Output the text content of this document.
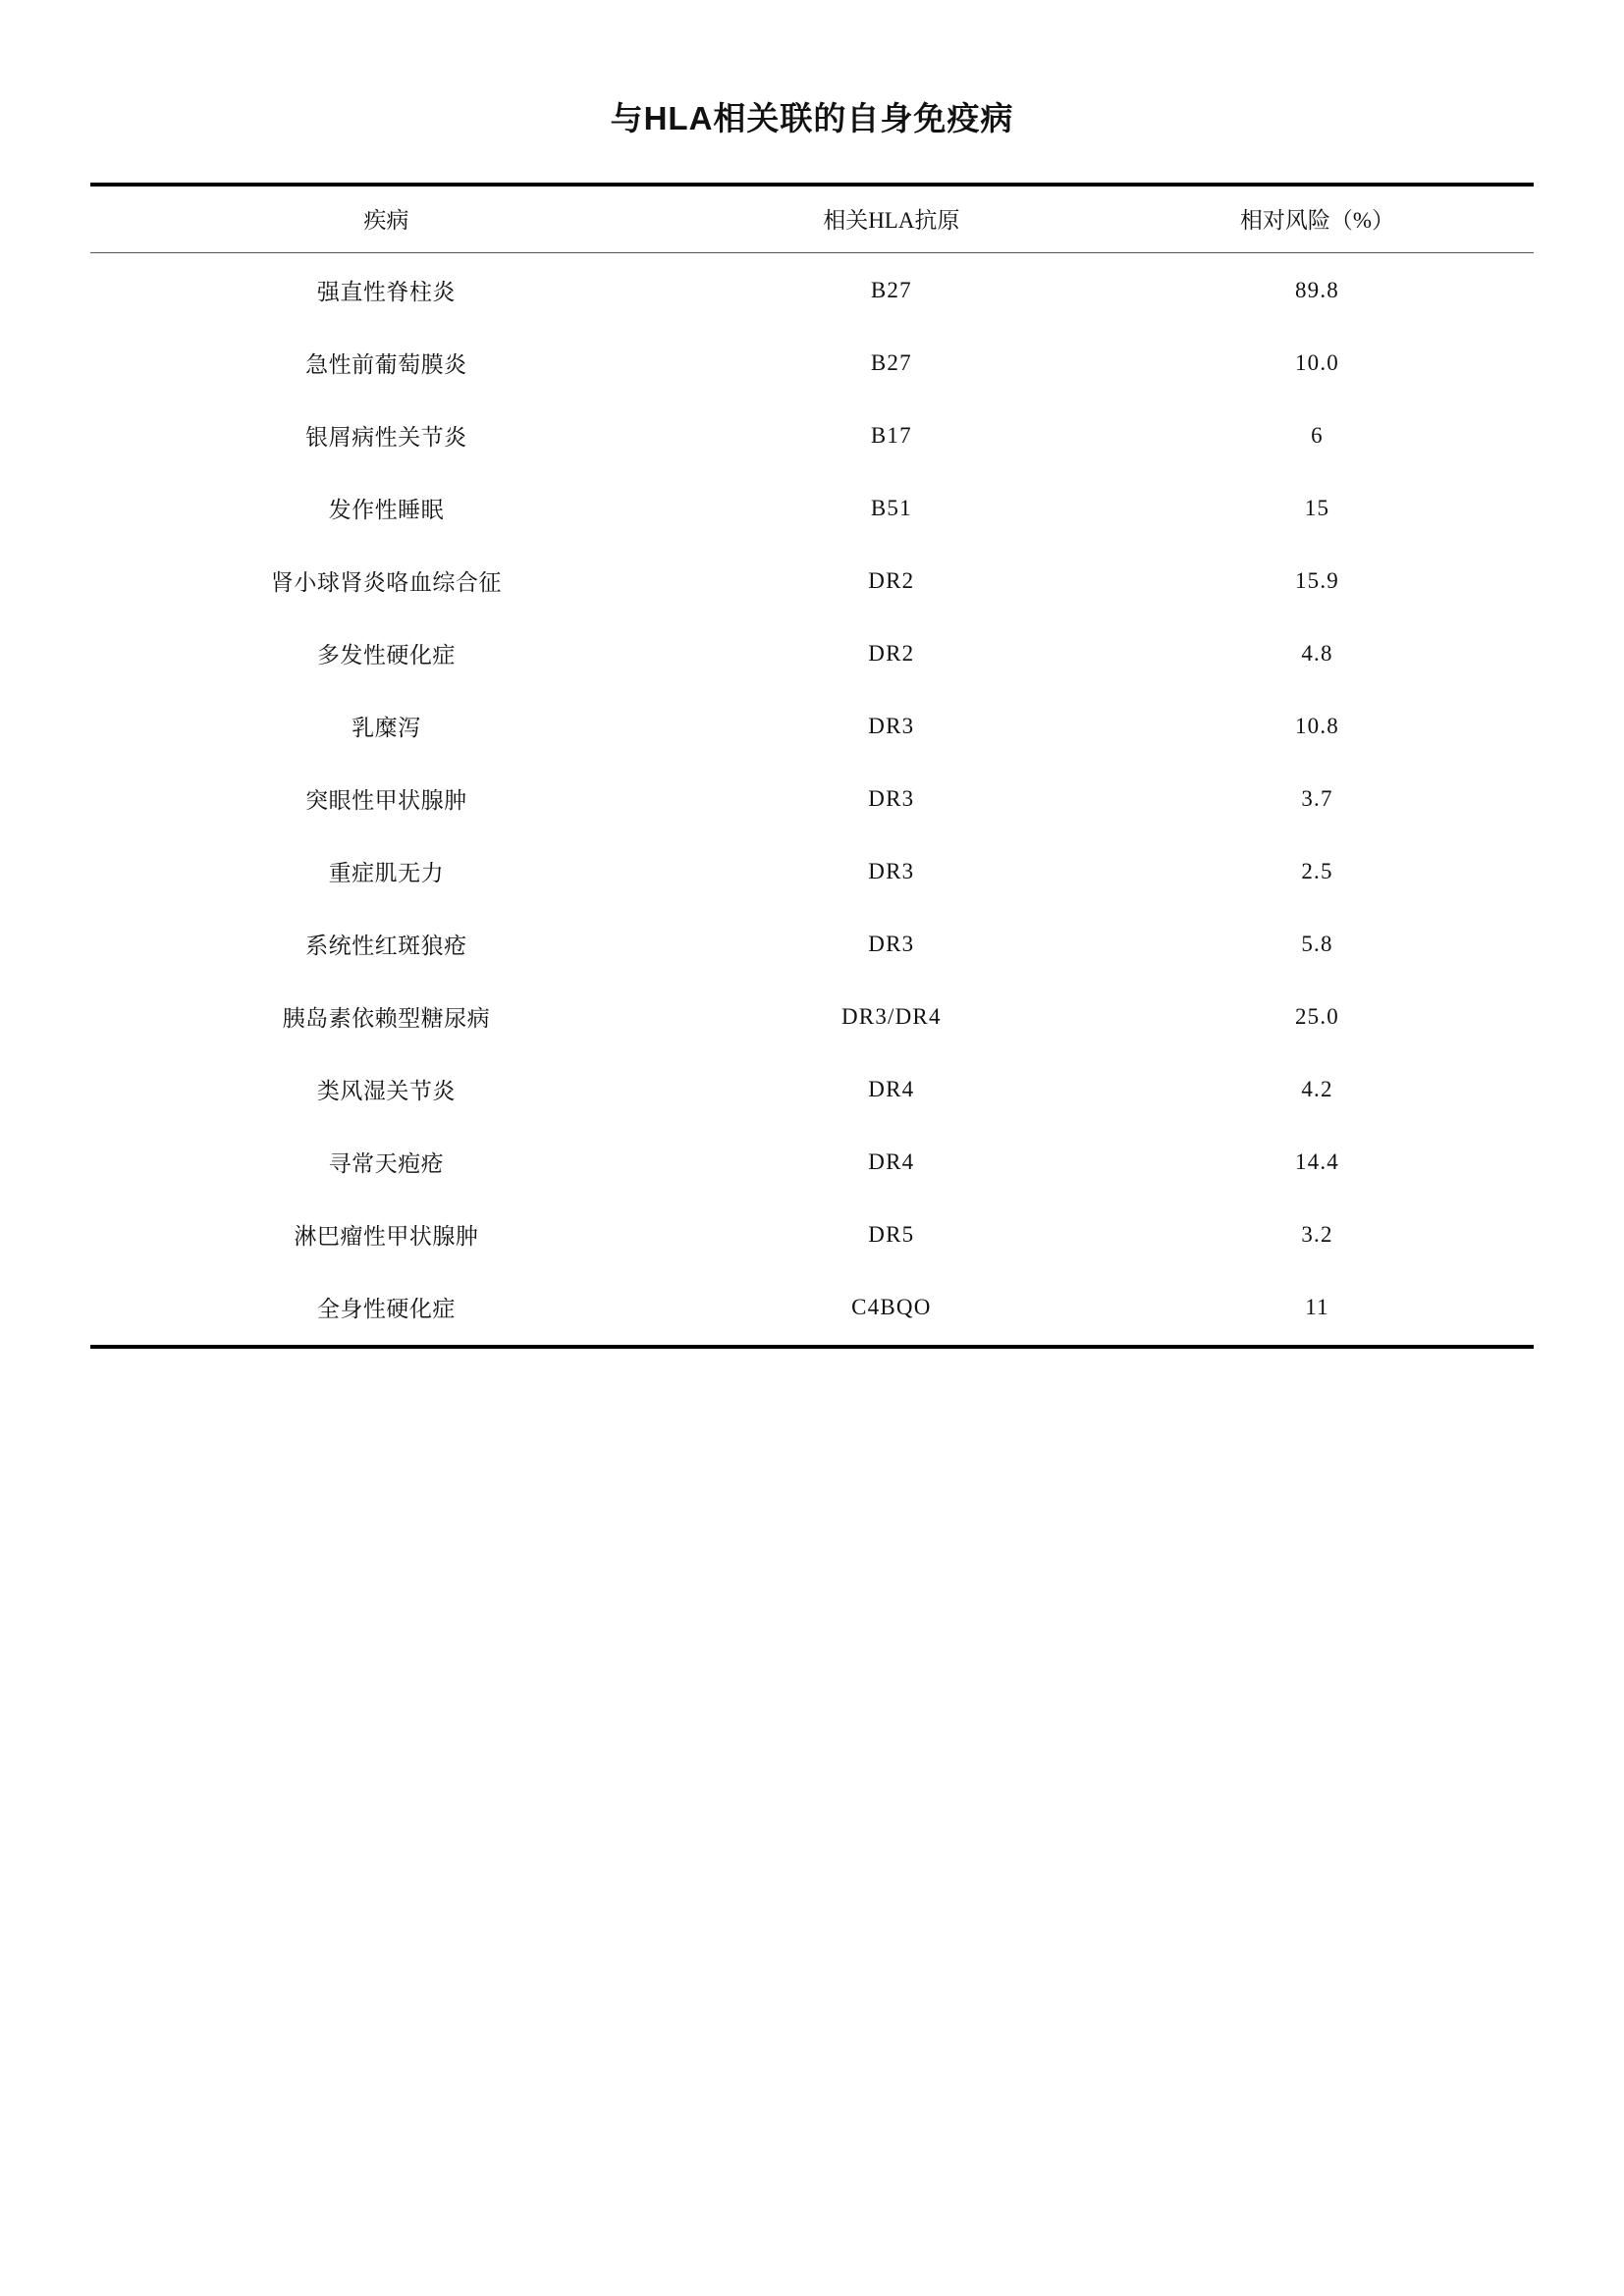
与HLA相关联的自身免疫病
疾病	相关HLA抗原	相对风险（%）
强直性脊柱炎	B27	89.8
急性前葡萄膜炎	B27	10.0
银屑病性关节炎	B17	6
发作性睡眠	B51	15
肾小球肾炎咯血综合征	DR2	15.9
多发性硬化症	DR2	4.8
乳糜泻	DR3	10.8
突眼性甲状腺肿	DR3	3.7
重症肌无力	DR3	2.5
系统性红斑狼疮	DR3	5.8
胰岛素依赖型糖尿病	DR3/DR4	25.0
类风湿关节炎	DR4	4.2
寻常天疱疮	DR4	14.4
淋巴瘤性甲状腺肿	DR5	3.2
全身性硬化症	C4BQO	11
